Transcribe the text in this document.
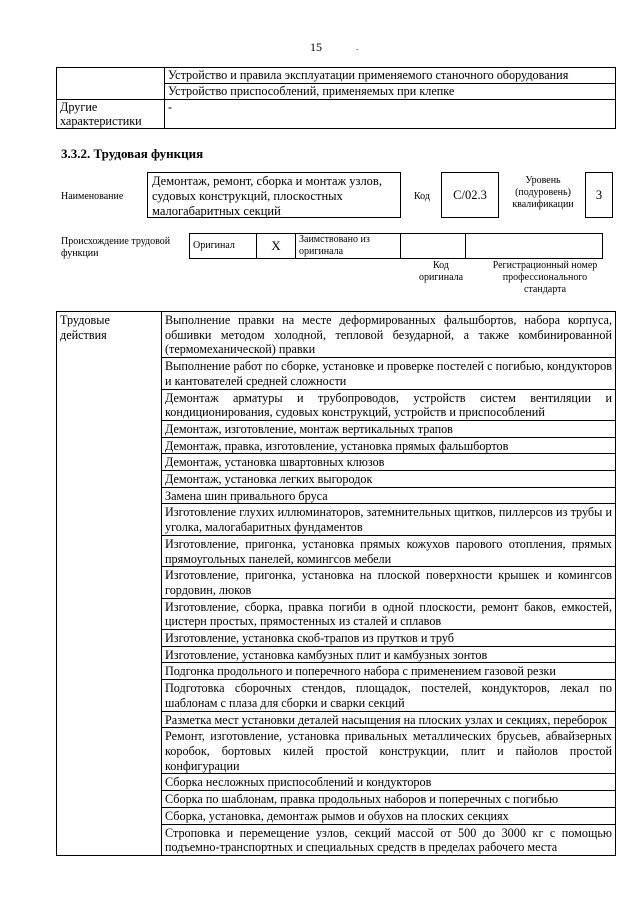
15	.
	Устройство и правила эксплуатации применяемого станочного оборудования
	Устройство приспособлений, применяемых при клепке
Другие характеристики	-
3.3.2. Трудовая функция
Наименование
Демонтаж, ремонт, сборка и монтаж узлов, судовых конструкций, плоскостных малогабаритных секций
Код	С/02.3
Уровень (подуровень) квалификации
3
Происхождение трудовой функции
Оригинал	X	Заимствовано из оригинала		
Код оригинала
Регистрационный номер профессионального стандарта
Трудовые действия	Выполнение правки на месте деформированных фальшбортов, набора корпуса, обшивки методом холодной, тепловой безударной, а также комбинированной (термомеханической) правки
Выполнение работ по сборке, установке и проверке постелей с погибью, кондукторов и кантователей средней сложности
Демонтаж арматуры и трубопроводов, устройств систем вентиляции и кондиционирования, судовых конструкций, устройств и приспособлений
Демонтаж, изготовление, монтаж вертикальных трапов
Демонтаж, правка, изготовление, установка прямых фальшбортов
Демонтаж, установка швартовных клюзов
Демонтаж, установка легких выгородок
Замена шин привального бруса
Изготовление глухих иллюминаторов, затемнительных щитков, пиллерсов из трубы и уголка, малогабаритных фундаментов
Изготовление, пригонка, установка прямых кожухов парового отопления, прямых прямоугольных панелей, комингсов мебели
Изготовление, пригонка, установка на плоской поверхности крышек и комингсов гордовин, люков
Изготовление, сборка, правка погиби в одной плоскости, ремонт баков, емкостей, цистерн простых, прямостенных из сталей и сплавов
Изготовление, установка скоб-трапов из прутков и труб
Изготовление, установка камбузных плит и камбузных зонтов
Подгонка продольного и поперечного набора с применением газовой резки
Подготовка сборочных стендов, площадок, постелей, кондукторов, лекал по шаблонам с плаза для сборки и сварки секций
Разметка мест установки деталей насыщения на плоских узлах и секциях, переборок
Ремонт, изготовление, установка привальных металлических брусьев, абвайзерных коробок, бортовых килей простой конструкции, плит и пайолов простой конфигурации
Сборка несложных приспособлений и кондукторов
Сборка по шаблонам, правка продольных наборов и поперечных с погибью
Сборка, установка, демонтаж рымов и обухов на плоских секциях
Строповка и перемещение узлов, секций массой от 500 до 3000 кг с помощью подъемно-транспортных и специальных средств в пределах рабочего места
